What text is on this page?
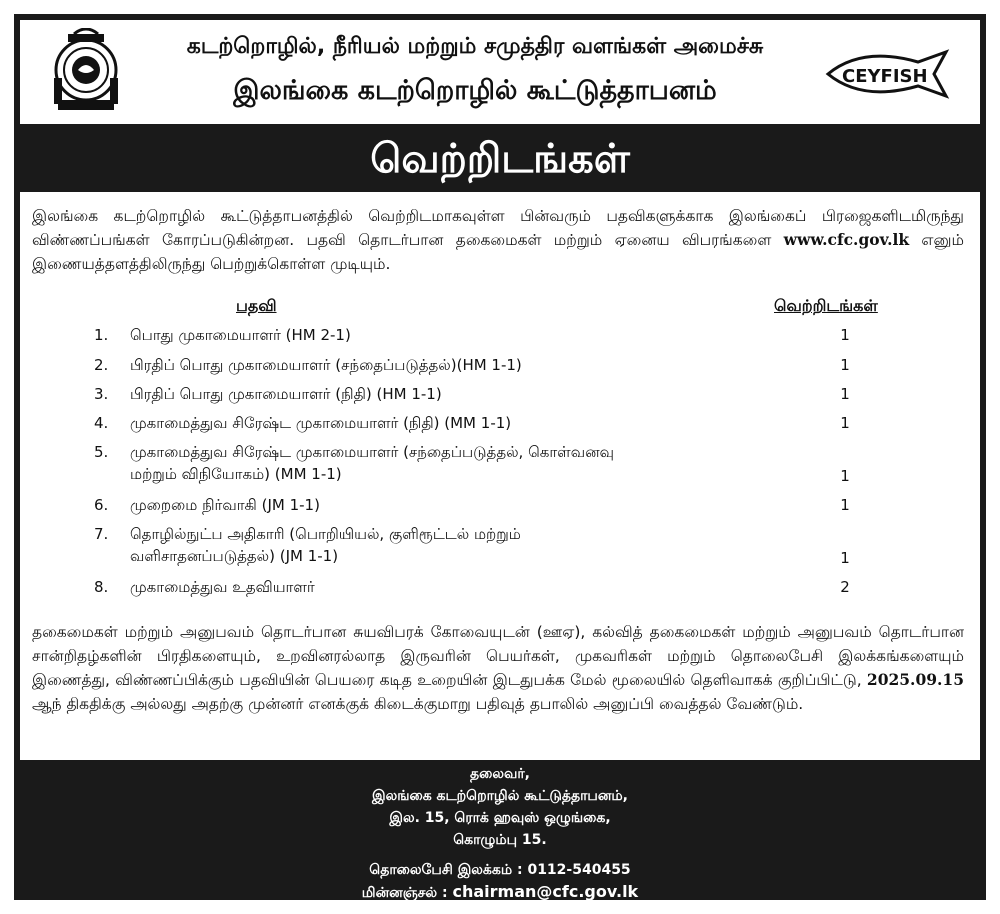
கடற்றொழில், நீரியல் மற்றும் சமுத்திர வளங்கள் அமைச்சு
இலங்கை கடற்றொழில் கூட்டுத்தாபனம்	CEYFISH
வெற்றிடங்கள்
இலங்கை கடற்றொழில் கூட்டுத்தாபனத்தில் வெற்றிடமாகவுள்ள பின்வரும் பதவிகளுக்காக இலங்கைப் பிரஜைகளிடமிருந்து விண்ணப்பங்கள் கோரப்படுகின்றன. பதவி தொடர்பான தகைமைகள் மற்றும் ஏனைய விபரங்களை www.cfc.gov.lk எனும் இணையத்தளத்திலிருந்து பெற்றுக்கொள்ள முடியும்.
பதவி	வெற்றிடங்கள்
1.	பொது முகாமையாளர் (HM 2-1)	1
2.	பிரதிப் பொது முகாமையாளர் (சந்தைப்படுத்தல்)(HM 1-1)	1
3.	பிரதிப் பொது முகாமையாளர் (நிதி) (HM 1-1)	1
4.	முகாமைத்துவ சிரேஷ்ட முகாமையாளர் (நிதி) (MM 1-1)	1
5.	முகாமைத்துவ சிரேஷ்ட முகாமையாளர் (சந்தைப்படுத்தல், கொள்வனவு மற்றும் விநியோகம்) (MM 1-1)	1
6.	முறைமை நிர்வாகி (JM 1-1)	1
7.	தொழில்நுட்ப அதிகாரி (பொறியியல், குளிரூட்டல் மற்றும் வளிசாதனப்படுத்தல்) (JM 1-1)	1
8.	முகாமைத்துவ உதவியாளர்	2
தகைமைகள் மற்றும் அனுபவம் தொடர்பான சுயவிபரக் கோவையுடன் (ஊஏ), கல்வித் தகைமைகள் மற்றும் அனுபவம் தொடர்பான சான்றிதழ்களின் பிரதிகளையும், உறவினரல்லாத இருவரின் பெயர்கள், முகவரிகள் மற்றும் தொலைபேசி இலக்கங்களையும் இணைத்து, விண்ணப்பிக்கும் பதவியின் பெயரை கடித உறையின் இடதுபக்க மேல் மூலையில் தெளிவாகக் குறிப்பிட்டு, 2025.09.15 ஆந் திகதிக்கு அல்லது அதற்கு முன்னர் எனக்குக் கிடைக்குமாறு பதிவுத் தபாலில் அனுப்பி வைத்தல் வேண்டும்.
தலைவர்,
இலங்கை கடற்றொழில் கூட்டுத்தாபனம்,
இல. 15, ரொக் ஹவுஸ் ஒழுங்கை,
கொழும்பு 15.
தொலைபேசி இலக்கம் : 0112-540455
மின்னஞ்சல் : chairman@cfc.gov.lk
SELACINE
